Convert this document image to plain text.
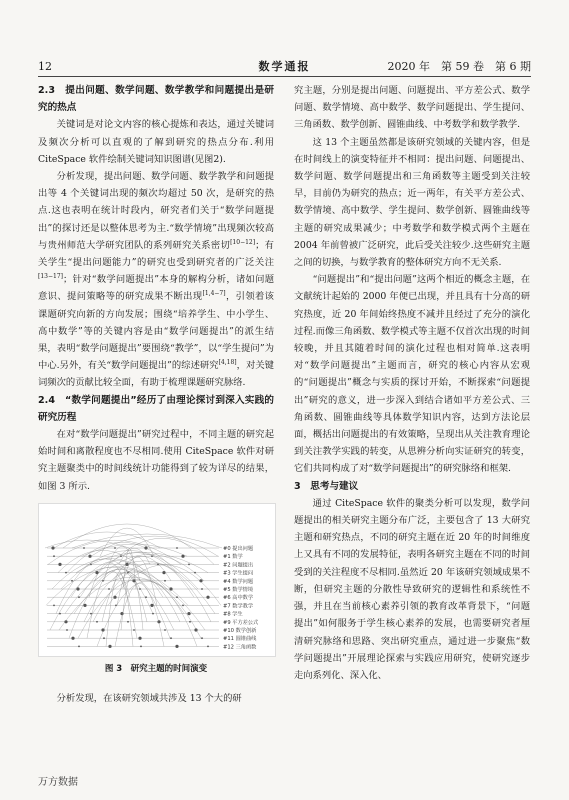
12	数学通报	2020 年　第 59 卷　第 6 期
2.3　提出问题、数学问题、数学教学和问题提出是研究的热点

关键词是对论文内容的核心提炼和表达，通过关键词及频次分析可以直观的了解到研究的热点分布.利用 CiteSpace 软件绘制关键词知识图谱(见图2).

分析发现，提出问题、数学问题、数学教学和问题提出等 4 个关键词出现的频次均超过 50 次，是研究的热点.这也表明在统计时段内，研究者们关于“数学问题提出”的探讨还是以整体思考为主.“数学情境”出现频次较高与贵州师范大学研究团队的系列研究关系密切[10−12]；有关学生“提出问题能力”的研究也受到研究者的广泛关注[13−17]；针对“数学问题提出”本身的解构分析，诸如问题意识、提问策略等的研究成果不断出现[1,4−7]，引领着该课题研究向新的方向发展；围绕“培养学生、中小学生、高中数学”等的关键内容是由“数学问题提出”的派生结果，表明“数学问题提出”要围绕“教学”，以“学生提问”为中心.另外，有关“数学问题提出”的综述研究[4,18]，对关键词频次的贡献比较全面，有助于梳理课题研究脉络.

2.4　“数学问题提出”经历了由理论探讨到深入实践的研究历程

在对“数学问题提出”研究过程中，不同主题的研究起始时间和离散程度也不尽相同.使用 CiteSpace 软件对研究主题聚类中的时间线统计功能得到了较为详尽的结果，如图 3 所示.

#0 提出问题
#1 数学
#2 问题提出
#3 学生提问
#4 数学问题
#5 数学情境
#6 高中数学
#7 数学教学
#8 学生
#9 平方差公式
#10 数学创新
#11 圆锥曲线
#12 三角函数
图 3　研究主题的时间演变

分析发现，在该研究领域共涉及 13 个大的研

究主题，分别是提出问题、问题提出、平方差公式、数学问题、数学情境、高中数学、数学问题提出、学生提问、三角函数、数学创新、圆锥曲线、中考数学和数学教学.

这 13 个主题虽然都是该研究领域的关键内容，但是在时间线上的演变特征并不相同：提出问题、问题提出、数学问题、数学问题提出和三角函数等主题受到关注较早，目前仍为研究的热点；近一两年，有关平方差公式、数学情境、高中数学、学生提问、数学创新、圆锥曲线等主题的研究成果减少；中考数学和数学模式两个主题在 2004 年前曾被广泛研究，此后受关注较少.这些研究主题之间的切换，与数学教育的整体研究方向不无关系.

“问题提出”和“提出问题”这两个相近的概念主题，在文献统计起始的 2000 年便已出现，并且具有十分高的研究热度，近 20 年间始终热度不减并且经过了充分的演化过程.而像三角函数、数学模式等主题不仅首次出现的时间较晚，并且其随着时间的演化过程也相对简单.这表明对“数学问题提出”主题而言，研究的核心内容从宏观的“问题提出”概念与实质的探讨开始，不断探索“问题提出”研究的意义，进一步深入到结合诸如平方差公式、三角函数、圆锥曲线等具体数学知识内容，达到方法论层面，概括出问题提出的有效策略，呈现出从关注教育理论到关注教学实践的转变，从思辨分析向实证研究的转变，它们共同构成了对“数学问题提出”的研究脉络和框架.

3　思考与建议

通过 CiteSpace 软件的聚类分析可以发现，数学问题提出的相关研究主题分布广泛，主要包含了 13 大研究主题和研究热点，不同的研究主题在近 20 年的时间维度上又具有不同的发展特征，表明各研究主题在不同的时间受到的关注程度不尽相同.虽然近 20 年该研究领域成果不断，但研究主题的分散性导致研究的逻辑性和系统性不强，并且在当前核心素养引领的教育改革背景下，“问题提出”如何服务于学生核心素养的发展，也需要研究者厘清研究脉络和思路、突出研究重点，通过进一步聚焦“数学问题提出”开展理论探索与实践应用研究，使研究逐步走向系列化、深入化、

万方数据
